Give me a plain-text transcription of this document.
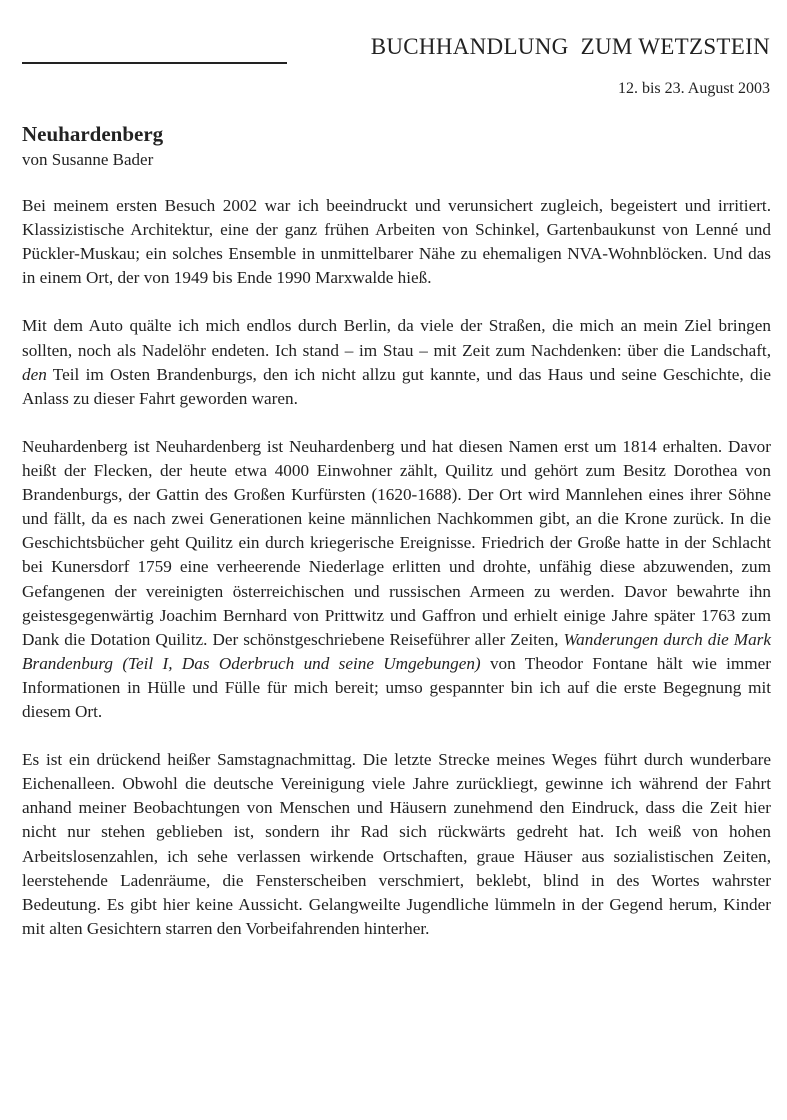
BUCHHANDLUNG  ZUM WETZSTEIN
12. bis 23. August 2003
Neuhardenberg
von Susanne Bader

Bei meinem ersten Besuch 2002 war ich beeindruckt und verunsichert zugleich, begeistert und irritiert. Klassizistische Architektur, eine der ganz frühen Arbeiten von Schinkel, Gartenbaukunst von Lenné und Pückler-Muskau; ein solches Ensemble in unmittelbarer Nähe zu ehemaligen NVA-Wohnblöcken. Und das in einem Ort, der von 1949 bis Ende 1990 Marxwalde hieß.

Mit dem Auto quälte ich mich endlos durch Berlin, da viele der Straßen, die mich an mein Ziel bringen sollten, noch als Nadelöhr endeten. Ich stand – im Stau – mit Zeit zum Nachdenken: über die Landschaft, den Teil im Osten Brandenburgs, den ich nicht allzu gut kannte, und das Haus und seine Geschichte, die Anlass zu dieser Fahrt geworden waren.

Neuhardenberg ist Neuhardenberg ist Neuhardenberg und hat diesen Namen erst um 1814 erhalten. Davor heißt der Flecken, der heute etwa 4000 Einwohner zählt, Quilitz und gehört zum Besitz Dorothea von Brandenburgs, der Gattin des Großen Kurfürsten (1620-1688). Der Ort wird Mannlehen eines ihrer Söhne und fällt, da es nach zwei Generationen keine männlichen Nachkommen gibt, an die Krone zurück. In die Geschichtsbücher geht Quilitz ein durch kriegerische Ereignisse. Friedrich der Große hatte in der Schlacht bei Kunersdorf 1759 eine verheerende Niederlage erlitten und drohte, unfähig diese abzuwenden, zum Gefangenen der vereinigten österreichischen und russischen Armeen zu werden. Davor bewahrte ihn geistesgegenwärtig Joachim Bernhard von Prittwitz und Gaffron und erhielt einige Jahre später 1763 zum Dank die Dotation Quilitz. Der schönstgeschriebene Reiseführer aller Zeiten, Wanderungen durch die Mark Brandenburg (Teil I, Das Oderbruch und seine Umgebungen) von Theodor Fontane hält wie immer Informationen in Hülle und Fülle für mich bereit; umso gespannter bin ich auf die erste Begegnung mit diesem Ort.

Es ist ein drückend heißer Samstagnachmittag. Die letzte Strecke meines Weges führt durch wunderbare Eichenalleen. Obwohl die deutsche Vereinigung viele Jahre zurückliegt, gewinne ich während der Fahrt anhand meiner Beobachtungen von Menschen und Häusern zunehmend den Eindruck, dass die Zeit hier nicht nur stehen geblieben ist, sondern ihr Rad sich rückwärts gedreht hat. Ich weiß von hohen Arbeitslosenzahlen, ich sehe verlassen wirkende Ortschaften, graue Häuser aus sozialistischen Zeiten, leerstehende Ladenräume, die Fensterscheiben verschmiert, beklebt, blind in des Wortes wahrster Bedeutung. Es gibt hier keine Aussicht. Gelangweilte Jugendliche lümmeln in der Gegend herum, Kinder mit alten Gesichtern starren den Vorbeifahrenden hinterher.
